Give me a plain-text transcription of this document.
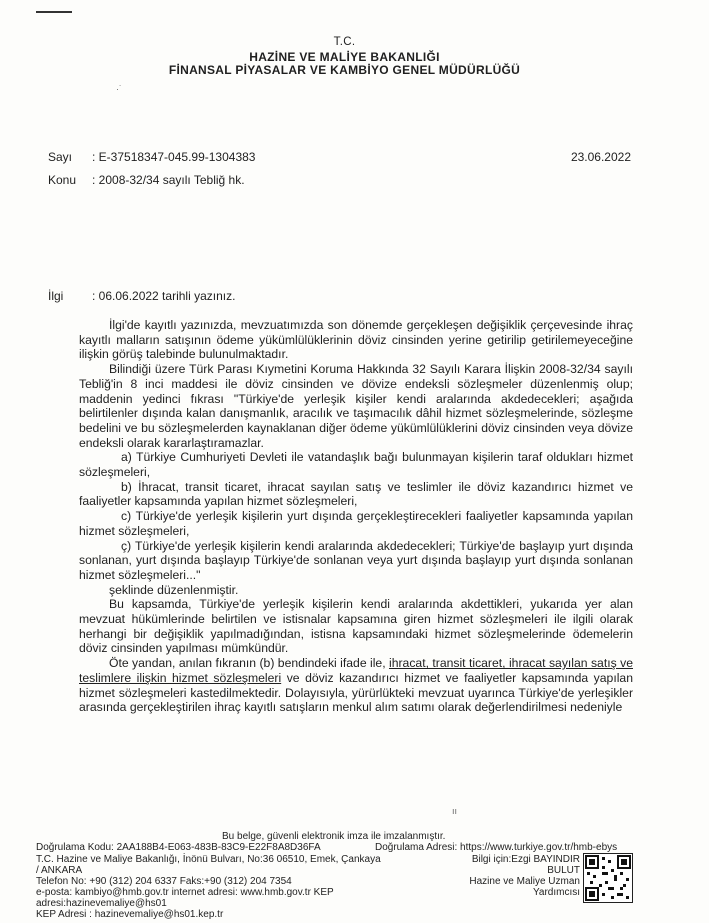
T.C.
HAZİNE VE MALİYE BAKANLIĞI
FİNANSAL PİYASALAR VE KAMBİYO GENEL MÜDÜRLÜĞÜ
·˙
Sayı : E-37518347-045.99-1304383	23.06.2022
Konu : 2008-32/34 sayılı Tebliğ hk.
İlgi : 06.06.2022 tarihli yazınız.

İlgi'de kayıtlı yazınızda, mevzuatımızda son dönemde gerçekleşen değişiklik çerçevesinde ihraç kayıtlı malların satışının ödeme yükümlülüklerinin döviz cinsinden yerine getirilip getirilemeyeceğine ilişkin görüş talebinde bulunulmaktadır.

Bilindiği üzere Türk Parası Kıymetini Koruma Hakkında 32 Sayılı Karara İlişkin 2008-32/34 sayılı Tebliğ'in 8 inci maddesi ile döviz cinsinden ve dövize endeksli sözleşmeler düzenlenmiş olup; maddenin yedinci fıkrası "Türkiye'de yerleşik kişiler kendi aralarında akdedecekleri; aşağıda belirtilenler dışında kalan danışmanlık, aracılık ve taşımacılık dâhil hizmet sözleşmelerinde, sözleşme bedelini ve bu sözleşmelerden kaynaklanan diğer ödeme yükümlülüklerini döviz cinsinden veya dövize endeksli olarak kararlaştıramazlar.

a) Türkiye Cumhuriyeti Devleti ile vatandaşlık bağı bulunmayan kişilerin taraf oldukları hizmet sözleşmeleri,

b) İhracat, transit ticaret, ihracat sayılan satış ve teslimler ile döviz kazandırıcı hizmet ve faaliyetler kapsamında yapılan hizmet sözleşmeleri,

c) Türkiye'de yerleşik kişilerin yurt dışında gerçekleştirecekleri faaliyetler kapsamında yapılan hizmet sözleşmeleri,

ç) Türkiye'de yerleşik kişilerin kendi aralarında akdedecekleri; Türkiye'de başlayıp yurt dışında sonlanan, yurt dışında başlayıp Türkiye'de sonlanan veya yurt dışında başlayıp yurt dışında sonlanan hizmet sözleşmeleri..."

şeklinde düzenlenmiştir.

Bu kapsamda, Türkiye'de yerleşik kişilerin kendi aralarında akdettikleri, yukarıda yer alan mevzuat hükümlerinde belirtilen ve istisnalar kapsamına giren hizmet sözleşmeleri ile ilgili olarak herhangi bir değişiklik yapılmadığından, istisna kapsamındaki hizmet sözleşmelerinde ödemelerin döviz cinsinden yapılması mümkündür.

Öte yandan, anılan fıkranın (b) bendindeki ifade ile, ihracat, transit ticaret, ihracat sayılan satış ve teslimlere ilişkin hizmet sözleşmeleri ve döviz kazandırıcı hizmet ve faaliyetler kapsamında yapılan hizmet sözleşmeleri kastedilmektedir. Dolayısıyla, yürürlükteki mevzuat uyarınca Türkiye'de yerleşikler arasında gerçekleştirilen ihraç kayıtlı satışların menkul alım satımı olarak değerlendirilmesi nedeniyle

ıı
Bu belge, güvenli elektronik imza ile imzalanmıştır.
Doğrulama Kodu: 2AA188B4-E063-483B-83C9-E22F8A8D36FA	Doğrulama Adresi: https://www.turkiye.gov.tr/hmb-ebys
T.C. Hazine ve Maliye Bakanlığı, İnönü Bulvarı, No:36 06510, Emek, Çankaya
/ ANKARA
Telefon No: +90 (312) 204 6337 Faks:+90 (312) 204 7354
e-posta: kambiyo@hmb.gov.tr internet adresi: www.hmb.gov.tr KEP
adresi:hazinevemaliye@hs01
KEP Adresi : hazinevemaliye@hs01.kep.tr
Bilgi için:Ezgi BAYINDIR
BULUT
Hazine ve Maliye Uzman
Yardımcısı
